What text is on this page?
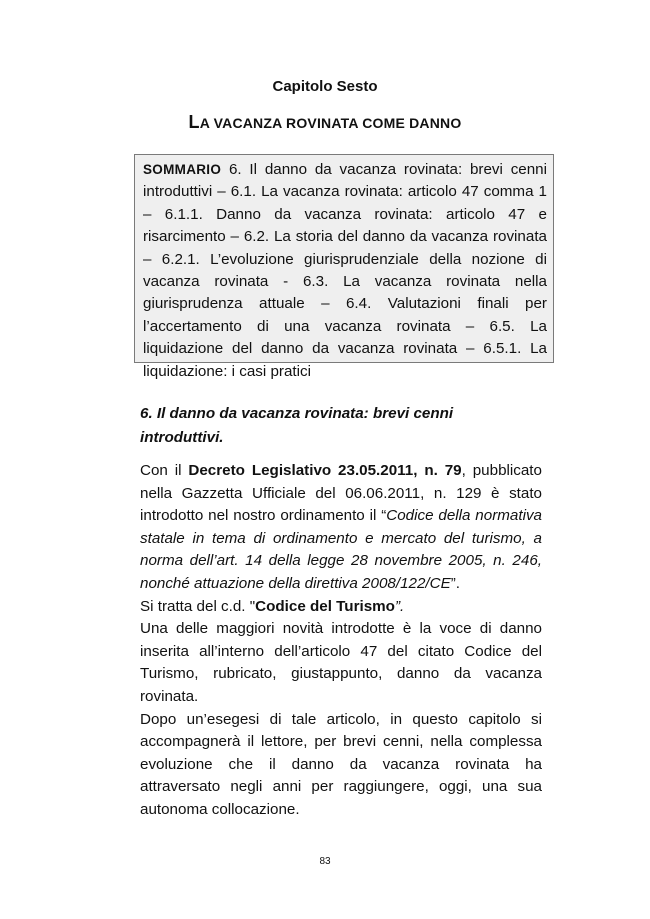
Capitolo Sesto
LA VACANZA ROVINATA COME DANNO

SOMMARIO 6. Il danno da vacanza rovinata: brevi cenni introduttivi – 6.1. La vacanza rovinata: articolo 47 comma 1 – 6.1.1. Danno da vacanza rovinata: articolo 47 e risarcimento – 6.2. La storia del danno da vacanza rovinata – 6.2.1. L’evoluzione giurisprudenziale della nozione di vacanza rovinata - 6.3. La vacanza rovinata nella giurisprudenza attuale – 6.4. Valutazioni finali per l’accertamento di una vacanza rovinata – 6.5. La liquidazione del danno da vacanza rovinata – 6.5.1. La liquidazione: i casi pratici

6. Il danno da vacanza rovinata: brevi cenni introduttivi.
Con il Decreto Legislativo 23.05.2011, n. 79, pubblicato nella Gazzetta Ufficiale del 06.06.2011, n. 129 è stato introdotto nel nostro ordinamento il “Codice della normativa statale in tema di ordinamento e mercato del turismo, a norma dell’art. 14 della legge 28 novembre 2005, n. 246, nonché attuazione della direttiva 2008/122/CE”.
Si tratta del c.d. "Codice del Turismo”.
Una delle maggiori novità introdotte è la voce di danno inserita all’interno dell’articolo 47 del citato Codice del Turismo, rubricato, giustappunto, danno da vacanza rovinata.
Dopo un’esegesi di tale articolo, in questo capitolo si accompagnerà il lettore, per brevi cenni, nella complessa evoluzione che il danno da vacanza rovinata ha attraversato negli anni per raggiungere, oggi, una sua autonoma collocazione.
83
